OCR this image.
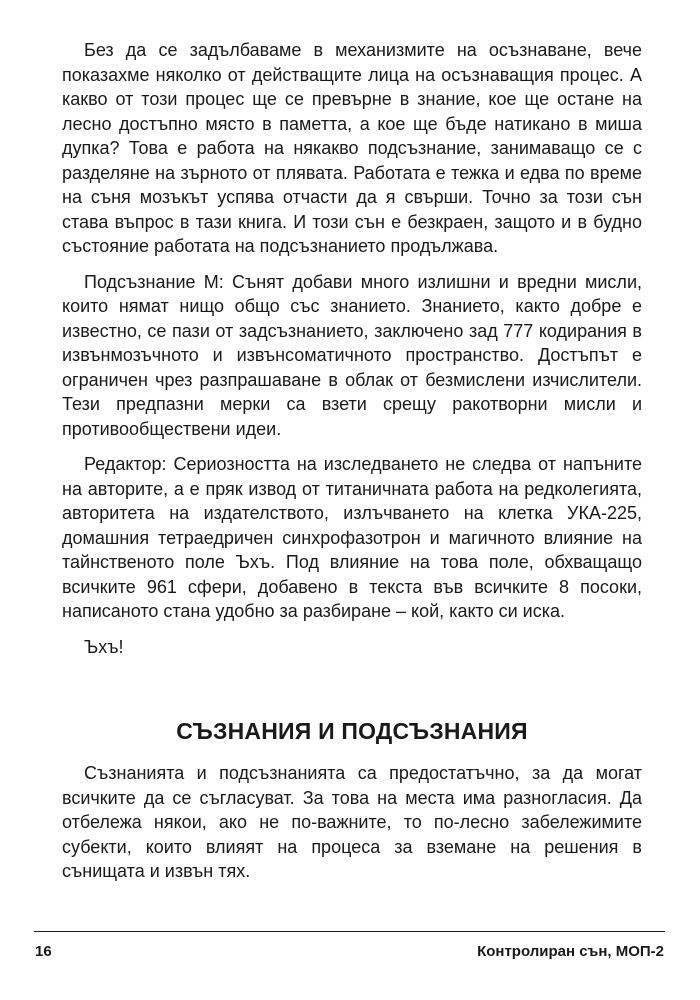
Без да се задълбаваме в механизмите на осъзнаване, вече показахме няколко от действащите лица на осъзнаващия процес. А какво от този процес ще се превърне в знание, кое ще остане на лесно достъпно място в паметта, а кое ще бъде натикано в миша дупка? Това е работа на някакво подсъзнание, занимаващо се с разделяне на зърното от плявата. Работата е тежка и едва по време на съня мозъкът успява отчасти да я свърши. Точно за този сън става въпрос в тази книга. И този сън е безкраен, защото и в будно състояние работата на подсъзнанието продължава.

Подсъзнание М: Сънят добави много излишни и вредни мисли, които нямат нищо общо със знанието. Знанието, както добре е известно, се пази от задсъзнанието, заключено зад 777 кодирания в извънмозъчното и извънсоматичното пространство. Достъпът е ограничен чрез разпрашаване в облак от безмислени изчислители. Тези предпазни мерки са взети срещу ракотворни мисли и противообществени идеи.

Редактор: Сериозността на изследването не следва от напъните на авторите, а е пряк извод от титаничната работа на редколегията, авторитета на издателството, излъчването на клетка УКА-225, домашния тетраедричен синхрофазотрон и магичното влияние на тайнственото поле Ъхъ. Под влияние на това поле, обхващащо всичките 961 сфери, добавено в текста във всичките 8 посоки, написаното стана удобно за разбиране – кой, както си иска.

Ъхъ!

СЪЗНАНИЯ И ПОДСЪЗНАНИЯ

Съзнанията и подсъзнанията са предостатъчно, за да могат всичките да се съгласуват. За това на места има разногласия. Да отбележа някои, ако не по-важните, то по-лесно забележимите субекти, които влияят на процеса за вземане на решения в сънищата и извън тях.

16	Контролиран сън, МОП-2
